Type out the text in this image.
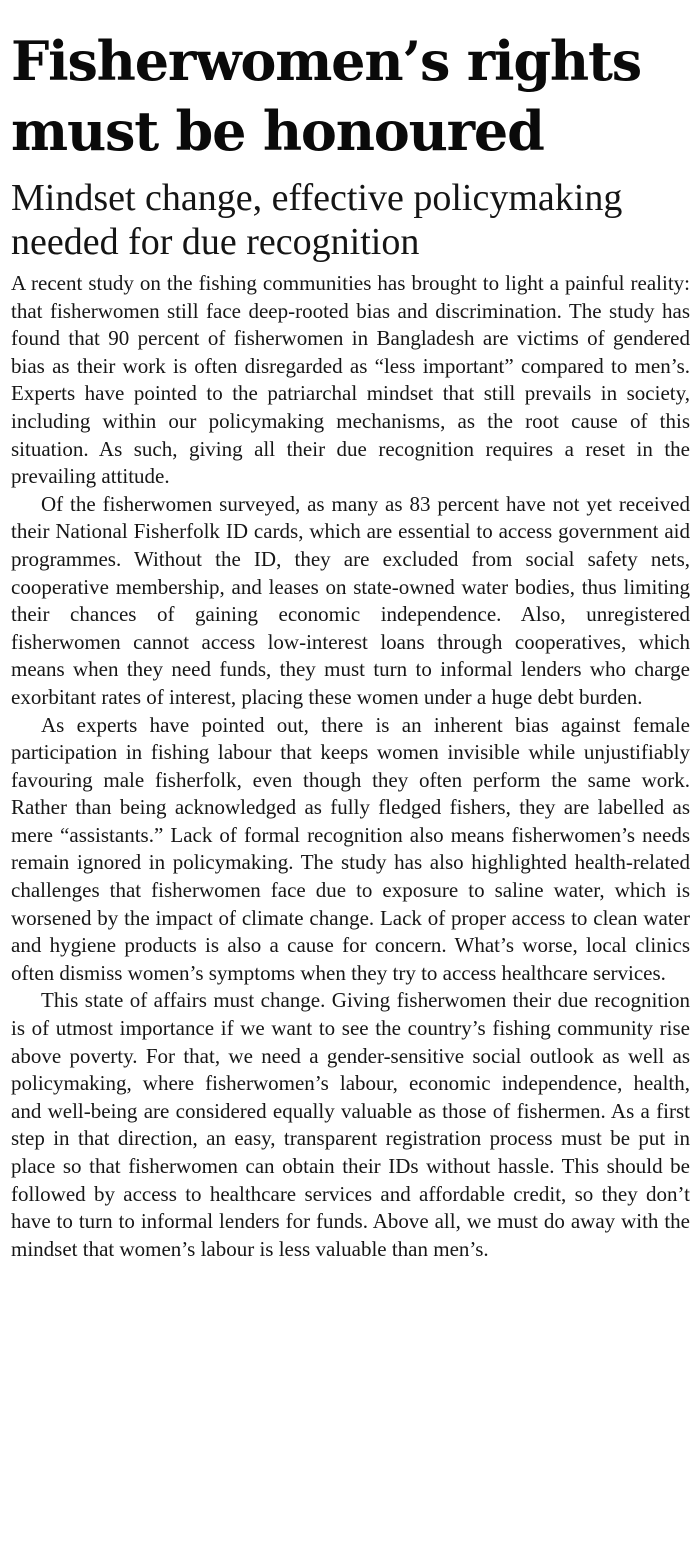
Fisherwomen’s rights must be honoured
Mindset change, effective policymaking needed for due recognition

A recent study on the fishing communities has brought to light a painful reality: that fisherwomen still face deep-rooted bias and discrimination. The study has found that 90 percent of fisherwomen in Bangladesh are victims of gendered bias as their work is often disregarded as “less important” compared to men’s. Experts have pointed to the patriarchal mindset that still prevails in society, including within our policymaking mechanisms, as the root cause of this situation. As such, giving all their due recognition requires a reset in the prevailing attitude.

Of the fisherwomen surveyed, as many as 83 percent have not yet received their National Fisherfolk ID cards, which are essential to access government aid programmes. Without the ID, they are excluded from social safety nets, cooperative membership, and leases on state-owned water bodies, thus limiting their chances of gaining economic independence. Also, unregistered fisherwomen cannot access low-interest loans through cooperatives, which means when they need funds, they must turn to informal lenders who charge exorbitant rates of interest, placing these women under a huge debt burden.

As experts have pointed out, there is an inherent bias against female participation in fishing labour that keeps women invisible while unjustifiably favouring male fisherfolk, even though they often perform the same work. Rather than being acknowledged as fully fledged fishers, they are labelled as mere “assistants.” Lack of formal recognition also means fisherwomen’s needs remain ignored in policymaking. The study has also highlighted health-related challenges that fisherwomen face due to exposure to saline water, which is worsened by the impact of climate change. Lack of proper access to clean water and hygiene products is also a cause for concern. What’s worse, local clinics often dismiss women’s symptoms when they try to access healthcare services.

This state of affairs must change. Giving fisherwomen their due recognition is of utmost importance if we want to see the country’s fishing community rise above poverty. For that, we need a gender-sensitive social outlook as well as policymaking, where fisherwomen’s labour, economic independence, health, and well-being are considered equally valuable as those of fishermen. As a first step in that direction, an easy, transparent registration process must be put in place so that fisherwomen can obtain their IDs without hassle. This should be followed by access to healthcare services and affordable credit, so they don’t have to turn to informal lenders for funds. Above all, we must do away with the mindset that women’s labour is less valuable than men’s.
